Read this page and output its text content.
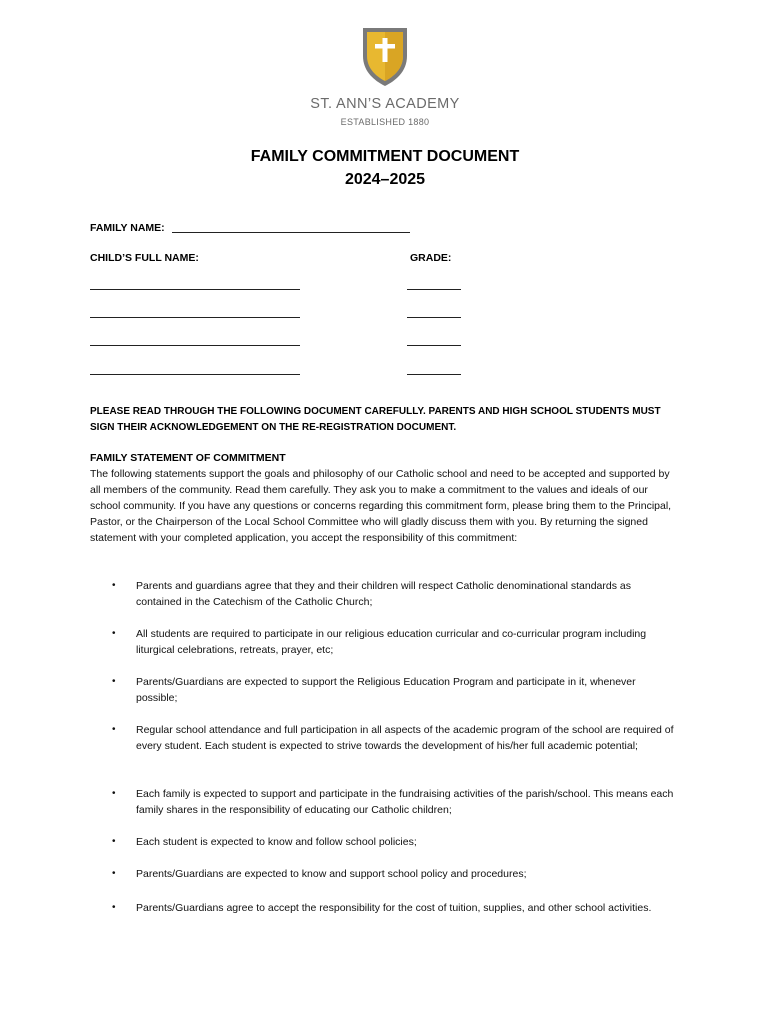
ST. ANN’S ACADEMY
ESTABLISHED 1880
FAMILY COMMITMENT DOCUMENT
2024–2025
FAMILY NAME:
CHILD’S FULL NAME:	GRADE:
PLEASE READ THROUGH THE FOLLOWING DOCUMENT CAREFULLY. PARENTS AND HIGH SCHOOL STUDENTS MUST SIGN THEIR ACKNOWLEDGEMENT ON THE RE-REGISTRATION DOCUMENT.
FAMILY STATEMENT OF COMMITMENT
The following statements support the goals and philosophy of our Catholic school and need to be accepted and supported by all members of the community. Read them carefully. They ask you to make a commitment to the values and ideals of our school community. If you have any questions or concerns regarding this commitment form, please bring them to the Principal, Pastor, or the Chairperson of the Local School Committee who will gladly discuss them with you. By returning the signed statement with your completed application, you accept the responsibility of this commitment:
• Parents and guardians agree that they and their children will respect Catholic denominational standards as contained in the Catechism of the Catholic Church;
• All students are required to participate in our religious education curricular and co-curricular program including liturgical celebrations, retreats, prayer, etc;
• Parents/Guardians are expected to support the Religious Education Program and participate in it, whenever possible;
• Regular school attendance and full participation in all aspects of the academic program of the school are required of every student. Each student is expected to strive towards the development of his/her full academic potential;
• Each family is expected to support and participate in the fundraising activities of the parish/school. This means each family shares in the responsibility of educating our Catholic children;
• Each student is expected to know and follow school policies;
• Parents/Guardians are expected to know and support school policy and procedures;
• Parents/Guardians agree to accept the responsibility for the cost of tuition, supplies, and other school activities.
